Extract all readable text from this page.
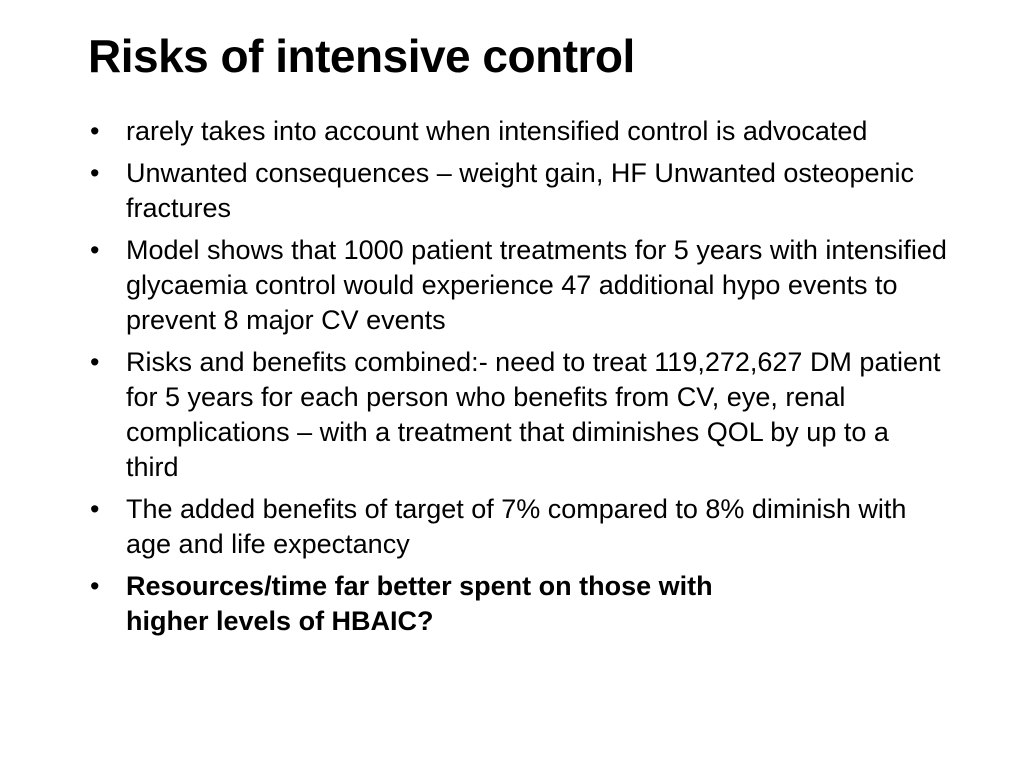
Risks of intensive control
• rarely takes into account when intensified control is advocated
• Unwanted consequences – weight gain, HF Unwanted osteopenic fractures
• Model shows that 1000 patient treatments for 5 years with intensified glycaemia control would experience 47 additional hypo events to prevent 8 major CV events
• Risks and benefits combined:- need to treat 119,272,627 DM patient for 5 years for each person who benefits from CV, eye, renal complications – with a treatment that diminishes QOL by up to a third
• The added benefits of target of 7% compared to 8% diminish with age and life expectancy
• Resources/time far better spent on those with
higher levels of HBAIC?
